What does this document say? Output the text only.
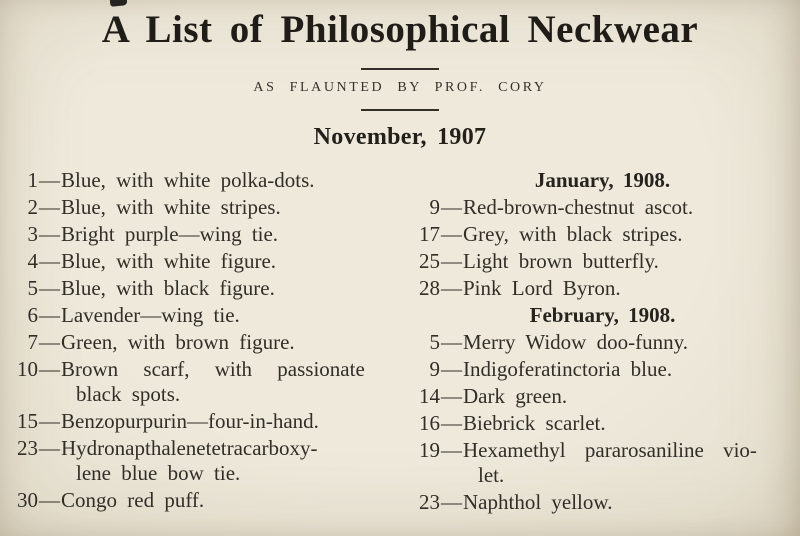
A List of Philosophical Neckwear
AS FLAUNTED BY PROF. CORY
November, 1907
1—Blue, with white polka-dots.
2—Blue, with white stripes.
3—Bright purple—wing tie.
4—Blue, with white figure.
5—Blue, with black figure.
6—Lavender—wing tie.
7—Green, with brown figure.
10—Brown scarf, with passionate
black spots.
15—Benzopurpurin—four-in-hand.
23—Hydronapthalenetetracarboxy-
lene blue bow tie.
30—Congo red puff.
January, 1908.
9—Red-brown-chestnut ascot.
17—Grey, with black stripes.
25—Light brown butterfly.
28—Pink Lord Byron.
February, 1908.
5—Merry Widow doo-funny.
9—Indigoferatinctoria blue.
14—Dark green.
16—Biebrick scarlet.
19—Hexamethyl pararosaniline vio-
let.
23—Naphthol yellow.
